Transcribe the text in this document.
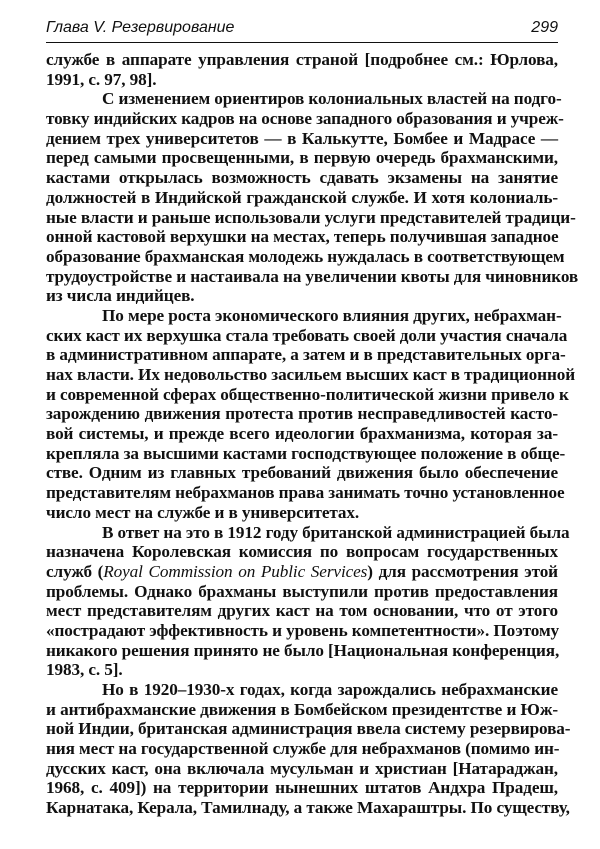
Глава V. Резервирование	299
службе в аппарате управления страной [подробнее см.: Юрлова,
1991, с. 97, 98].
С изменением ориентиров колониальных властей на подго-
товку индийских кадров на основе западного образования и учреж-
дением трех университетов — в Калькутте, Бомбее и Мадрасе —
перед самыми просвещенными, в первую очередь брахманскими,
кастами открылась возможность сдавать экзамены на занятие
должностей в Индийской гражданской службе. И хотя колониаль-
ные власти и раньше использовали услуги представителей традици-
онной кастовой верхушки на местах, теперь получившая западное
образование брахманская молодежь нуждалась в соответствующем
трудоустройстве и настаивала на увеличении квоты для чиновников
из числа индийцев.
По мере роста экономического влияния других, небрахман-
ских каст их верхушка стала требовать своей доли участия сначала
в административном аппарате, а затем и в представительных орга-
нах власти. Их недовольство засильем высших каст в традиционной
и современной сферах общественно-политической жизни привело к
зарождению движения протеста против несправедливостей касто-
вой системы, и прежде всего идеологии брахманизма, которая за-
крепляла за высшими кастами господствующее положение в обще-
стве. Одним из главных требований движения было обеспечение
представителям небрахманов права занимать точно установленное
число мест на службе и в университетах.
В ответ на это в 1912 году британской администрацией была
назначена Королевская комиссия по вопросам государственных
служб (Royal Commission on Public Services) для рассмотрения этой
проблемы. Однако брахманы выступили против предоставления
мест представителям других каст на том основании, что от этого
«пострадают эффективность и уровень компетентности». Поэтому
никакого решения принято не было [Национальная конференция,
1983, с. 5].
Но в 1920–1930-х годах, когда зарождались небрахманские
и антибрахманские движения в Бомбейском президентстве и Юж-
ной Индии, британская администрация ввела систему резервирова-
ния мест на государственной службе для небрахманов (помимо ин-
дусских каст, она включала мусульман и христиан [Натараджан,
1968, с. 409]) на территории нынешних штатов Андхра Прадеш,
Карнатака, Керала, Тамилнаду, а также Махараштры. По существу,
